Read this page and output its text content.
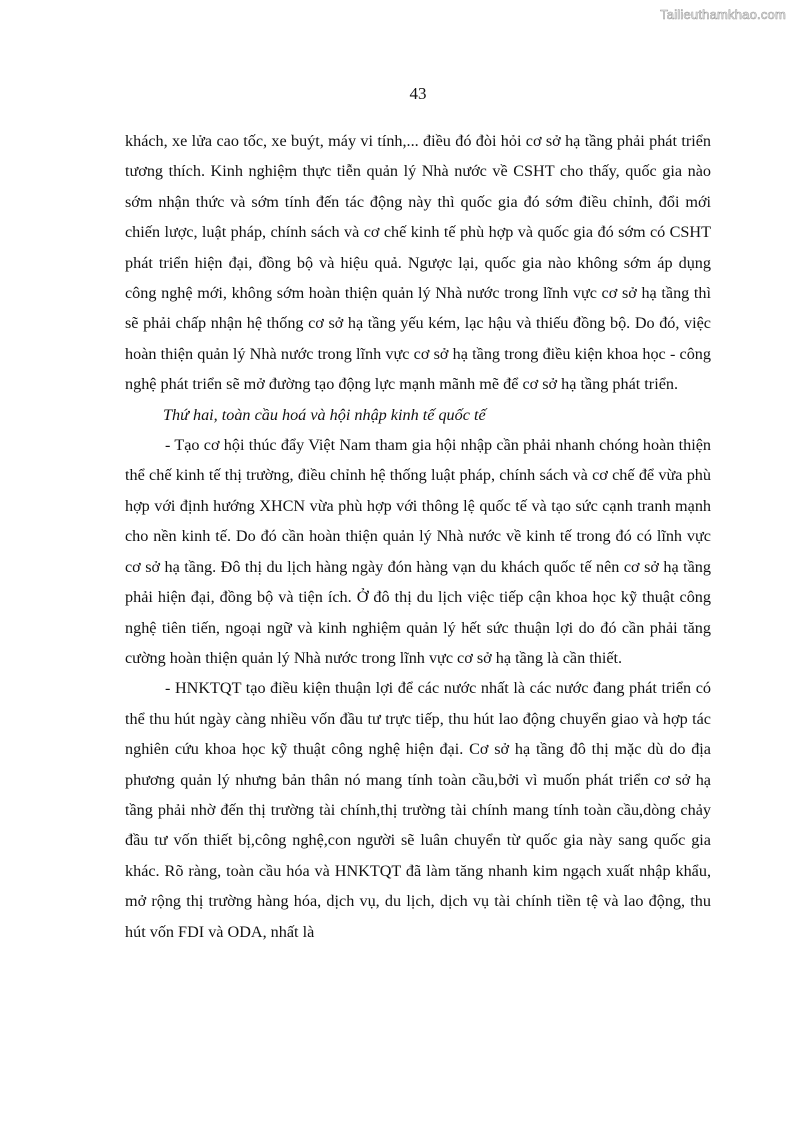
Tailieuthamkhao.com
43

khách, xe lửa cao tốc, xe buýt, máy vi tính,... điều đó đòi hỏi cơ sở hạ tầng phải phát triển tương thích. Kinh nghiệm thực tiễn quản lý Nhà nước về CSHT cho thấy, quốc gia nào sớm nhận thức và sớm tính đến tác động này thì quốc gia đó sớm điều chỉnh, đổi mới chiến lược, luật pháp, chính sách và cơ chế kinh tế phù hợp và quốc gia đó sớm có CSHT phát triển hiện đại, đồng bộ và hiệu quả. Ngược lại, quốc gia nào không sớm áp dụng công nghệ mới, không sớm hoàn thiện quản lý Nhà nước trong lĩnh vực cơ sở hạ tầng thì sẽ phải chấp nhận hệ thống cơ sở hạ tầng yếu kém, lạc hậu và thiếu đồng bộ. Do đó, việc hoàn thiện quản lý Nhà nước trong lĩnh vực cơ sở hạ tầng trong điều kiện khoa học - công nghệ phát triển sẽ mở đường tạo động lực mạnh mãnh mẽ để cơ sở hạ tầng phát triển.

Thứ hai, toàn cầu hoá và hội nhập kinh tế quốc tế

- Tạo cơ hội thúc đẩy Việt Nam tham gia hội nhập cần phải nhanh chóng hoàn thiện thể chế kinh tế thị trường, điều chỉnh hệ thống luật pháp, chính sách và cơ chế để vừa phù hợp với định hướng XHCN vừa phù hợp với thông lệ quốc tế và tạo sức cạnh tranh mạnh cho nền kinh tế. Do đó cần hoàn thiện quản lý Nhà nước về kinh tế trong đó có lĩnh vực cơ sở hạ tầng. Đô thị du lịch hàng ngày đón hàng vạn du khách quốc tế nên cơ sở hạ tầng phải hiện đại, đồng bộ và tiện ích. Ở đô thị du lịch việc tiếp cận khoa học kỹ thuật công nghệ tiên tiến, ngoại ngữ và kinh nghiệm quản lý hết sức thuận lợi do đó cần phải tăng cường hoàn thiện quản lý Nhà nước trong lĩnh vực cơ sở hạ tầng là cần thiết.

- HNKTQT tạo điều kiện thuận lợi để các nước nhất là các nước đang phát triển có thể thu hút ngày càng nhiều vốn đầu tư trực tiếp, thu hút lao động chuyển giao và hợp tác nghiên cứu khoa học kỹ thuật công nghệ hiện đại. Cơ sở hạ tầng đô thị mặc dù do địa phương quản lý nhưng bản thân nó mang tính toàn cầu,bởi vì muốn phát triển cơ sở hạ tầng phải nhờ đến thị trường tài chính,thị trường tài chính mang tính toàn cầu,dòng chảy đầu tư vốn thiết bị,công nghệ,con người sẽ luân chuyển từ quốc gia này sang quốc gia khác. Rõ ràng, toàn cầu hóa và HNKTQT đã làm tăng nhanh kim ngạch xuất nhập khẩu, mở rộng thị trường hàng hóa, dịch vụ, du lịch, dịch vụ tài chính tiền tệ và lao động, thu hút vốn FDI và ODA, nhất là
